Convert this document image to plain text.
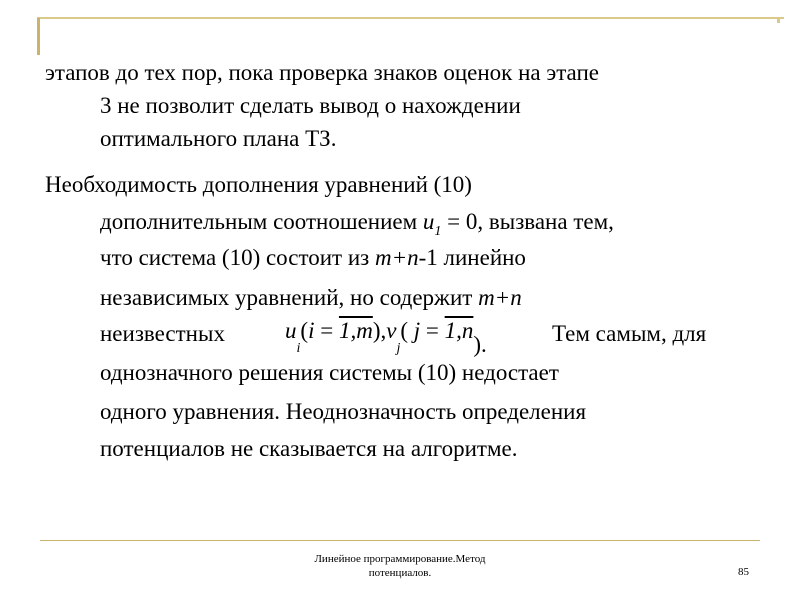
этапов до тех пор, пока проверка знаков оценок на этапе
3 не позволит сделать вывод о нахождении
оптимального плана ТЗ.
Необходимость дополнения уравнений (10)
дополнительным соотношением $u_1 = 0$, вызвана тем,
что система (10) состоит из m+n-1 линейно
независимых уравнений, но содержит m+n
неизвестных	Тем самым, для
$u_i(i = 1,m),v_j$( j = 1,n).
однозначного решения системы (10) недостает
одного уравнения. Неоднозначность определения
потенциалов не сказывается на алгоритме.
Линейное программирование.Метод
потенциалов.	85
